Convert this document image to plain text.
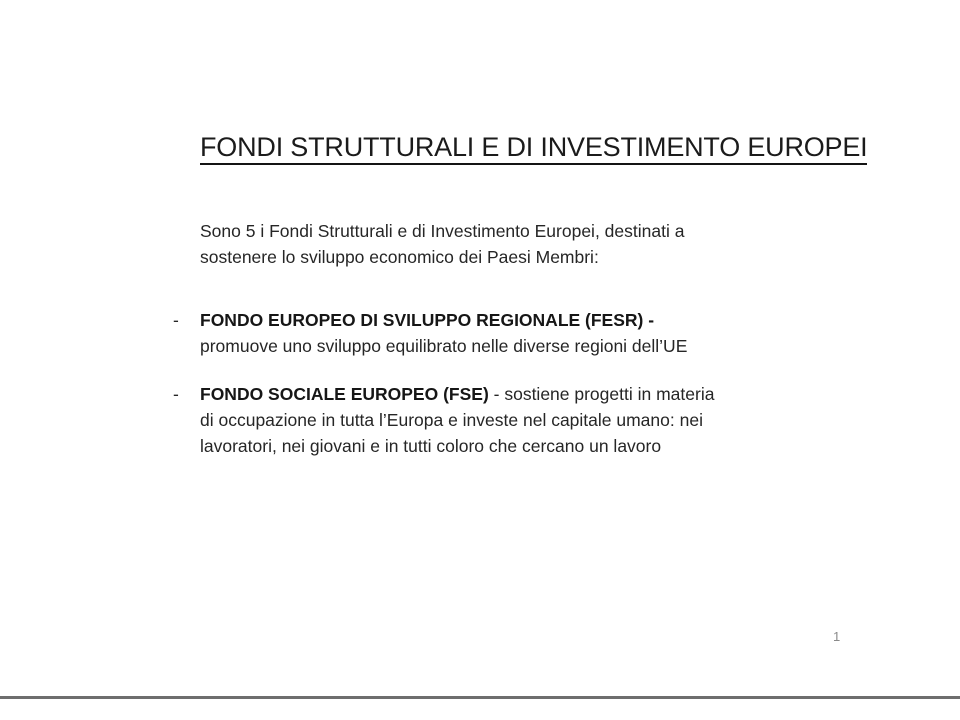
FONDI STRUTTURALI E DI INVESTIMENTO EUROPEI
Sono 5 i Fondi Strutturali e di Investimento Europei, destinati a
sostenere lo sviluppo economico dei Paesi Membri:
-	FONDO EUROPEO DI SVILUPPO REGIONALE (FESR) -
promuove uno sviluppo equilibrato nelle diverse regioni dell’UE
-	FONDO SOCIALE EUROPEO (FSE) - sostiene progetti in materia
di occupazione in tutta l’Europa e investe nel capitale umano: nei
lavoratori, nei giovani e in tutti coloro che cercano un lavoro
1
